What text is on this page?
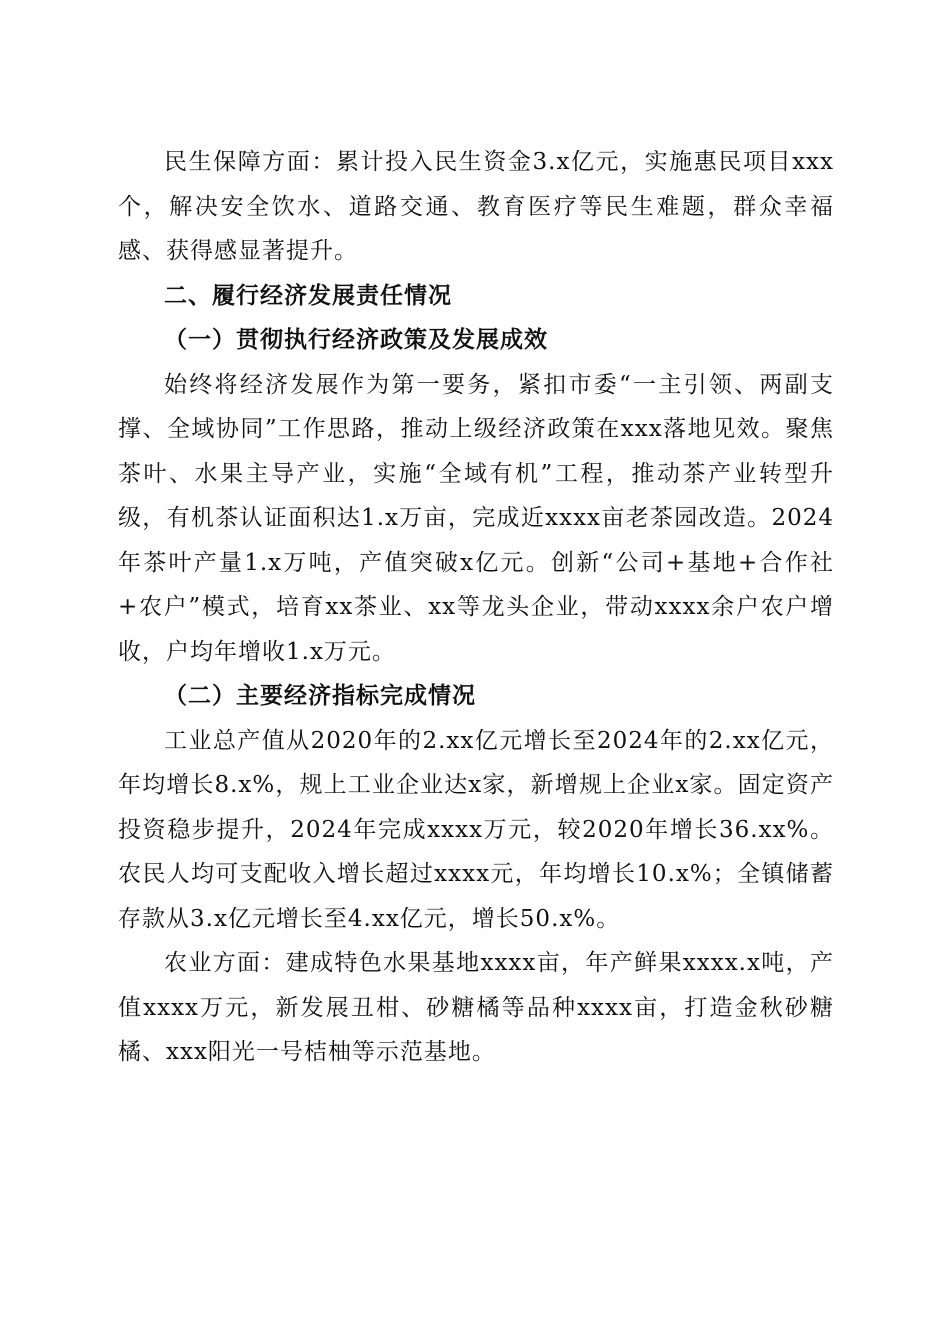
民生保障方面：累计投入民生资金3.x亿元，实施惠民项目xxx个，解决安全饮水、道路交通、教育医疗等民生难题，群众幸福感、获得感显著提升。

二、履行经济发展责任情况

（一）贯彻执行经济政策及发展成效

始终将经济发展作为第一要务，紧扣市委“一主引领、两副支撑、全域协同”工作思路，推动上级经济政策在xxx落地见效。聚焦茶叶、水果主导产业，实施“全域有机”工程，推动茶产业转型升级，有机茶认证面积达1.x万亩，完成近xxxx亩老茶园改造。2024年茶叶产量1.x万吨，产值突破x亿元。创新“公司+基地+合作社+农户”模式，培育xx茶业、xx等龙头企业，带动xxxx余户农户增收，户均年增收1.x万元。

（二）主要经济指标完成情况

工业总产值从2020年的2.xx亿元增长至2024年的2.xx亿元，年均增长8.x%，规上工业企业达x家，新增规上企业x家。固定资产投资稳步提升，2024年完成xxxx万元，较2020年增长36.xx%。农民人均可支配收入增长超过xxxx元，年均增长10.x%；全镇储蓄存款从3.x亿元增长至4.xx亿元，增长50.x%。

农业方面：建成特色水果基地xxxx亩，年产鲜果xxxx.x吨，产值xxxx万元，新发展丑柑、砂糖橘等品种xxxx亩，打造金秋砂糖橘、xxx阳光一号桔柚等示范基地。
